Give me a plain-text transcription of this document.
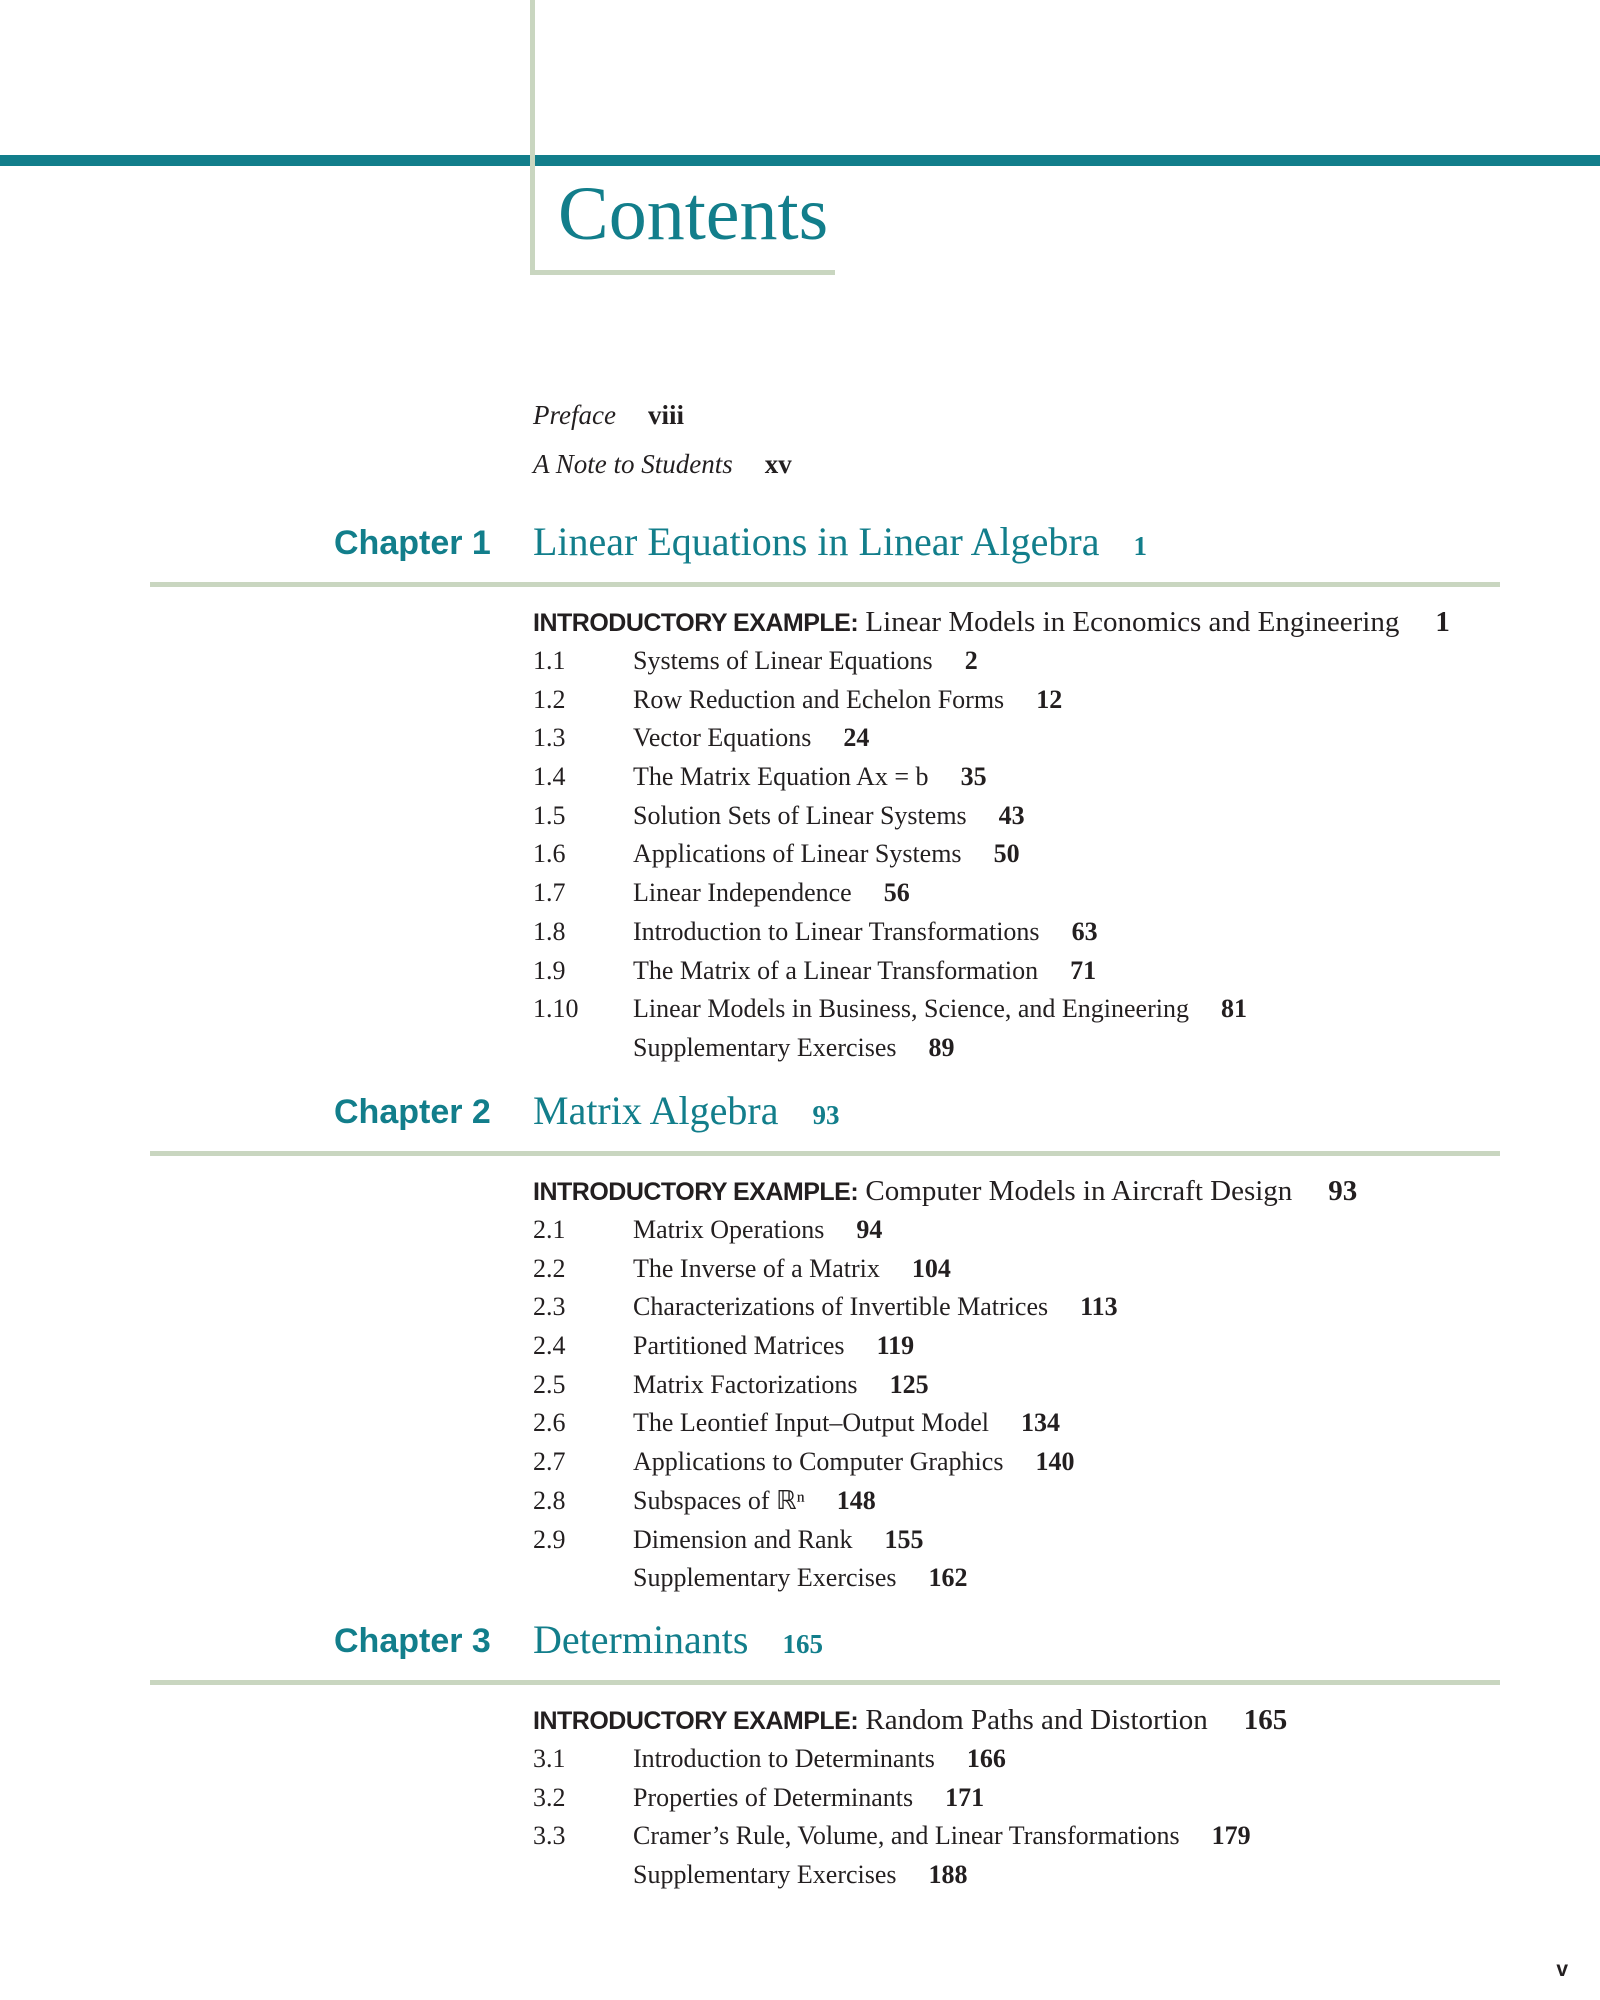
Contents
Preface viii
A Note to Students xv
Chapter 1 Linear Equations in Linear Algebra 1
INTRODUCTORY EXAMPLE: Linear Models in Economics and Engineering 1
1.1	Systems of Linear Equations 2
1.2	Row Reduction and Echelon Forms 12
1.3	Vector Equations 24
1.4	The Matrix Equation Ax = b 35
1.5	Solution Sets of Linear Systems 43
1.6	Applications of Linear Systems 50
1.7	Linear Independence 56
1.8	Introduction to Linear Transformations 63
1.9	The Matrix of a Linear Transformation 71
1.10 Linear Models in Business, Science, and Engineering 81
Supplementary Exercises 89
Chapter 2 Matrix Algebra 93
INTRODUCTORY EXAMPLE: Computer Models in Aircraft Design 93
2.1	Matrix Operations 94
2.2	The Inverse of a Matrix 104
2.3	Characterizations of Invertible Matrices 113
2.4	Partitioned Matrices 119
2.5	Matrix Factorizations 125
2.6	The Leontief Input–Output Model 134
2.7	Applications to Computer Graphics 140
2.8	Subspaces of ℝⁿ 148
2.9	Dimension and Rank 155
Supplementary Exercises 162
Chapter 3 Determinants 165
INTRODUCTORY EXAMPLE: Random Paths and Distortion 165
3.1	Introduction to Determinants 166
3.2	Properties of Determinants 171
3.3	Cramer’s Rule, Volume, and Linear Transformations 179
Supplementary Exercises 188
v
